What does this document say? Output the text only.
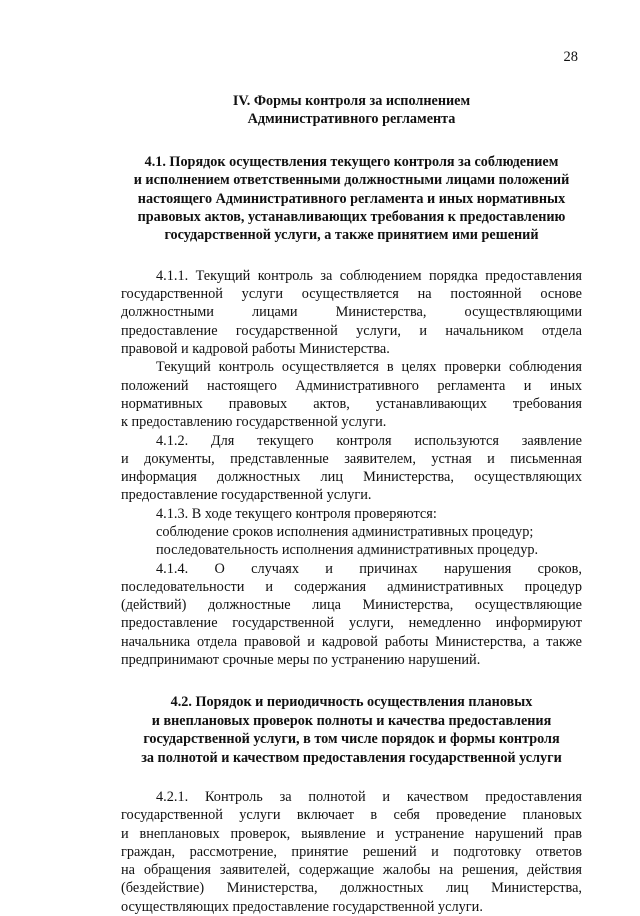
28
IV. Формы контроля за исполнением
Административного регламента
4.1. Порядок осуществления текущего контроля за соблюдением
и исполнением ответственными должностными лицами положений
настоящего Административного регламента и иных нормативных
правовых актов, устанавливающих требования к предоставлению
государственной услуги, а также принятием ими решений

4.1.1. Текущий контроль за соблюдением порядка предоставления
государственной услуги осуществляется на постоянной основе
должностными лицами Министерства, осуществляющими
предоставление государственной услуги, и начальником отдела
правовой и кадровой работы Министерства.

Текущий контроль осуществляется в целях проверки соблюдения
положений настоящего Административного регламента и иных
нормативных правовых актов, устанавливающих требования
к предоставлению государственной услуги.

4.1.2. Для текущего контроля используются заявление
и документы, представленные заявителем, устная и письменная
информация должностных лиц Министерства, осуществляющих
предоставление государственной услуги.

4.1.3. В ходе текущего контроля проверяются:

соблюдение сроков исполнения административных процедур;

последовательность исполнения административных процедур.

4.1.4. О случаях и причинах нарушения сроков,
последовательности и содержания административных процедур
(действий) должностные лица Министерства, осуществляющие
предоставление государственной услуги, немедленно информируют
начальника отдела правовой и кадровой работы Министерства, а также
предпринимают срочные меры по устранению нарушений.

4.2. Порядок и периодичность осуществления плановых
и внеплановых проверок полноты и качества предоставления
государственной услуги, в том числе порядок и формы контроля
за полнотой и качеством предоставления государственной услуги

4.2.1. Контроль за полнотой и качеством предоставления
государственной услуги включает в себя проведение плановых
и внеплановых проверок, выявление и устранение нарушений прав
граждан, рассмотрение, принятие решений и подготовку ответов
на обращения заявителей, содержащие жалобы на решения, действия
(бездействие) Министерства, должностных лиц Министерства,
осуществляющих предоставление государственной услуги.
